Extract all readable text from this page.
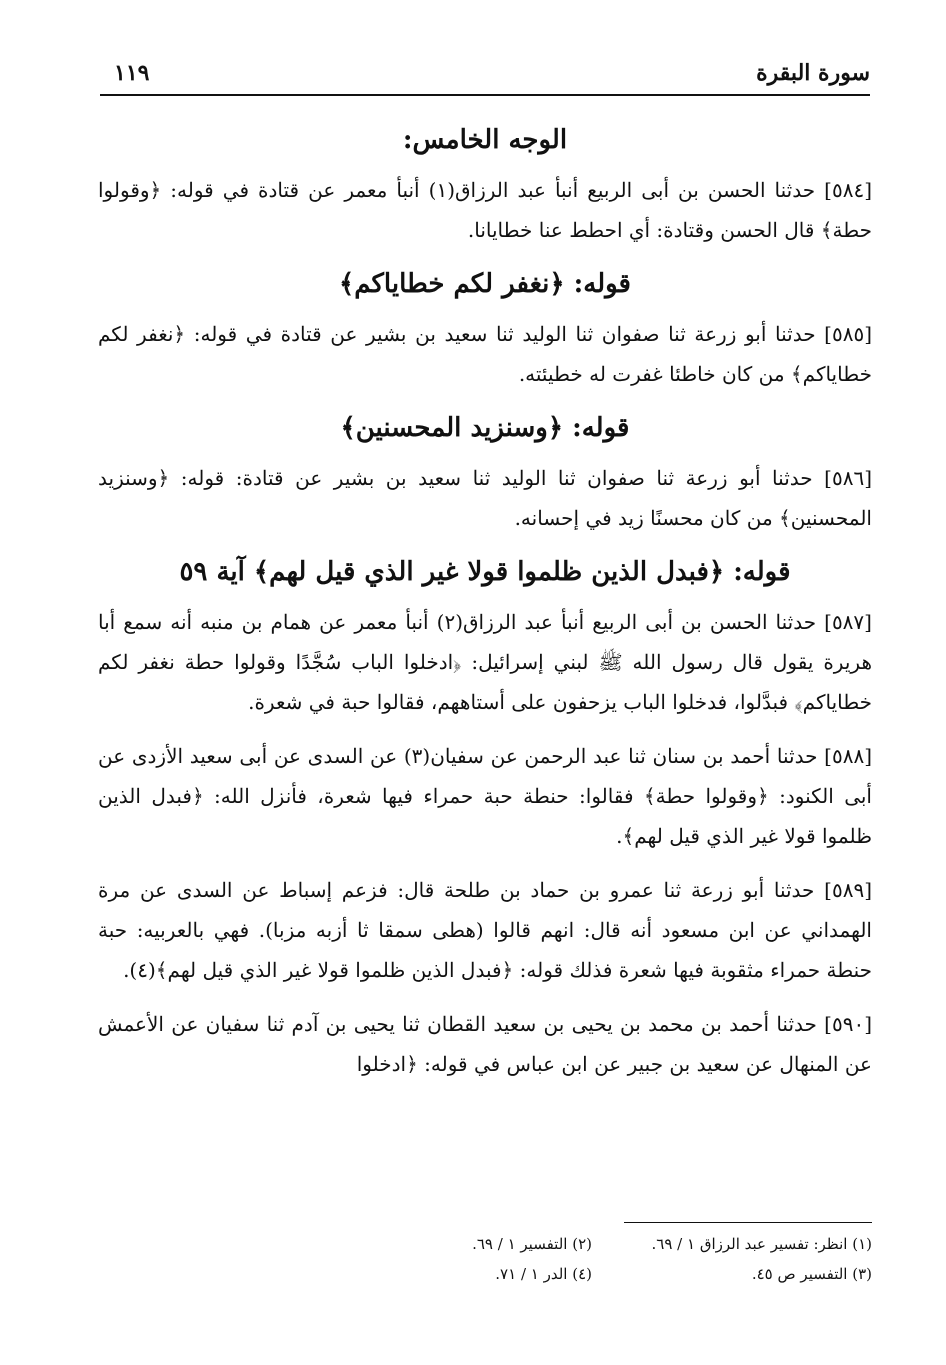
سورة البقرة
١١٩
الوجه الخامس:

[٥٨٤] حدثنا الحسن بن أبى الربيع أنبأ عبد الرزاق(١) أنبأ معمر عن قتادة في قوله: ﴿وقولوا حطة﴾ قال الحسن وقتادة: أي احطط عنا خطايانا.

قوله: ﴿نغفر لكم خطاياكم﴾

[٥٨٥] حدثنا أبو زرعة ثنا صفوان ثنا الوليد ثنا سعيد بن بشير عن قتادة في قوله: ﴿نغفر لكم خطاياكم﴾ من كان خاطئا غفرت له خطيئته.

قوله: ﴿وسنزيد المحسنين﴾

[٥٨٦] حدثنا أبو زرعة ثنا صفوان ثنا الوليد ثنا سعيد بن بشير عن قتادة: قوله: ﴿وسنزيد المحسنين﴾ من كان محسنًا زيد في إحسانه.

قوله: ﴿فبدل الذين ظلموا قولا غير الذي قيل لهم﴾ آية ٥٩

[٥٨٧] حدثنا الحسن بن أبى الربيع أنبأ عبد الرزاق(٢) أنبأ معمر عن همام بن منبه أنه سمع أبا هريرة يقول قال رسول الله ﷺ لبني إسرائيل: ﴿ادخلوا الباب سُجَّدًا وقولوا حطة نغفر لكم خطاياكم﴾ فبدَّلوا، فدخلوا الباب يزحفون على أستاههم، فقالوا حبة في شعرة.

[٥٨٨] حدثنا أحمد بن سنان ثنا عبد الرحمن عن سفيان(٣) عن السدى عن أبى سعيد الأزدى عن أبى الكنود: ﴿وقولوا حطة﴾ فقالوا: حنطة حبة حمراء فيها شعرة، فأنزل الله: ﴿فبدل الذين ظلموا قولا غير الذي قيل لهم﴾.

[٥٨٩] حدثنا أبو زرعة ثنا عمرو بن حماد بن طلحة قال: فزعم إسباط عن السدى عن مرة الهمداني عن ابن مسعود أنه قال: انهم قالوا (هطى سمقا ثا أزبه مزبا). فهي بالعربيه: حبة حنطة حمراء مثقوبة فيها شعرة فذلك قوله: ﴿فبدل الذين ظلموا قولا غير الذي قيل لهم﴾(٤).

[٥٩٠] حدثنا أحمد بن محمد بن يحيى بن سعيد القطان ثنا يحيى بن آدم ثنا سفيان عن الأعمش عن المنهال عن سعيد بن جبير عن ابن عباس في قوله: ﴿ادخلوا

(١) انظر: تفسير عبد الرزاق ١ / ٦٩.
(٢) التفسير ١ / ٦٩.
(٣) التفسير ص ٤٥.
(٤) الدر ١ / ٧١.
